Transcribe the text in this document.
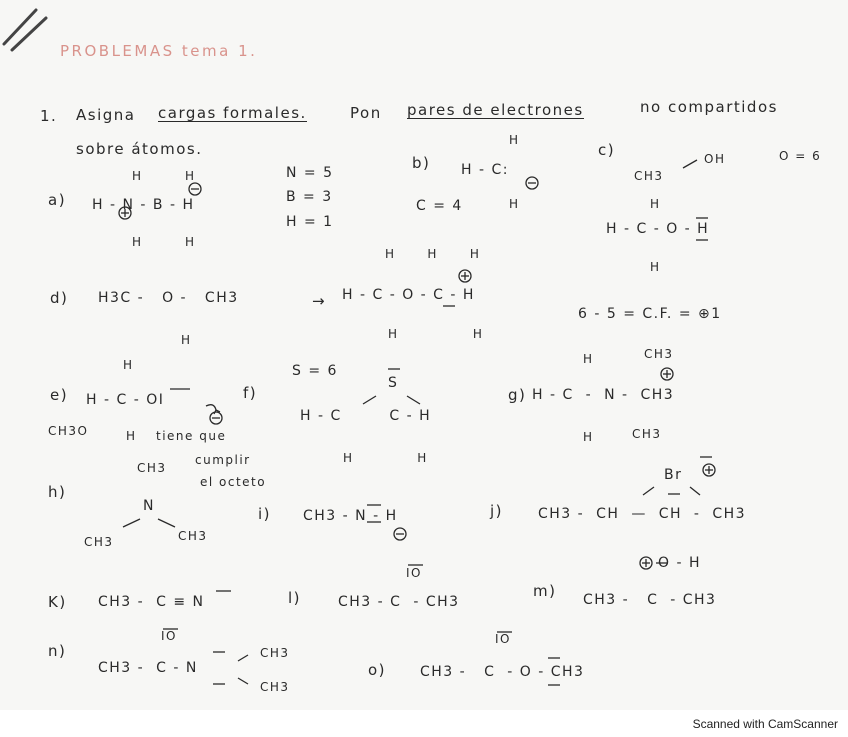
PROBLEMAS tema 1.
1. Asigna cargas formales.	Pon pares de electrones	no compartidos
sobre átomos.
a)
H        H
H - N - B - H
H        H
N = 5
B = 3
H = 1
b)
H
H - C:
H
C = 4
c)
CH3
OH	O = 6
H
H - C - O - H
H
d) H3C -   O -   CH3
H
→
H      H      H
H - C - O - C - H
H              H
6 - 5 = C.F. = ⊕1
e)
H
H - C - OI
H
CH3O	tiene que
cumplir
el octeto
f)
S = 6
S
H - C        C - H
H            H
g)
H	CH3
H - C  -  N -  CH3
H	CH3
h)
CH3
N
CH3	CH3
i) CH3 - N - H	j)
Br
CH3 -  CH  —  CH  -  CH3
K) CH3 -  C ≡ N	l)
IO
CH3 - C  - CH3
m)
O - H
CH3 -   C  - CH3
n)
IO
CH3 -  C - N
CH3
CH3
o)
IO
CH3 -   C  - O - CH3
Scanned with CamScanner
